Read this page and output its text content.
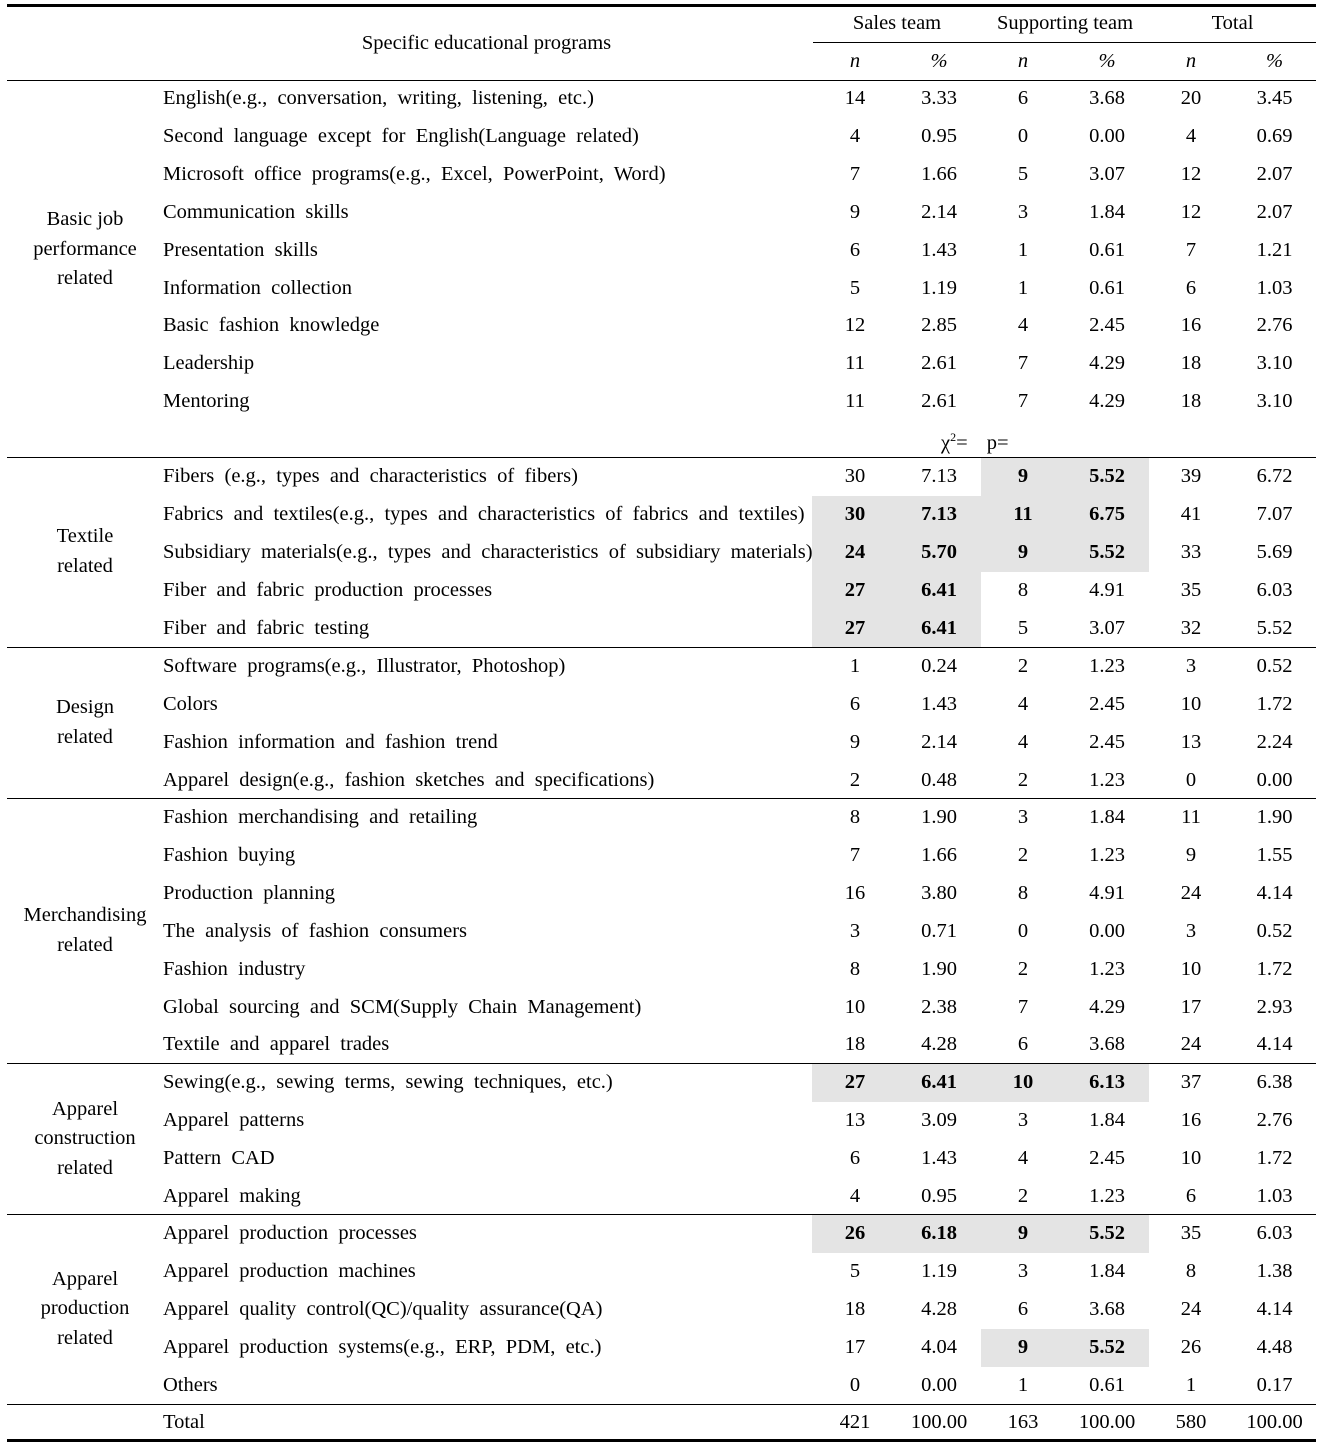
Specific educational programs
Sales team	Supporting team	Total
n	%	n	%	n	%
$\chi^2= p=$
Basic job
performance
related
English(e.g.,  conversation,  writing,  listening,  etc.)	14	3.33	6	3.68	20	3.45
Second  language  except  for  English(Language  related)	4	0.95	0	0.00	4	0.69
Microsoft  office  programs(e.g.,  Excel,  PowerPoint,  Word)	7	1.66	5	3.07	12	2.07
Communication  skills	9	2.14	3	1.84	12	2.07
Presentation  skills	6	1.43	1	0.61	7	1.21
Information  collection	5	1.19	1	0.61	6	1.03
Basic  fashion  knowledge	12	2.85	4	2.45	16	2.76
Leadership	11	2.61	7	4.29	18	3.10
Mentoring	11	2.61	7	4.29	18	3.10
Textile
related
Fibers  (e.g.,  types  and  characteristics  of  fibers)	30	7.13	9	5.52	39	6.72
Fabrics  and  textiles(e.g.,  types  and  characteristics  of  fabrics  and  textiles)	30	7.13	11	6.75	41	7.07
Subsidiary  materials(e.g.,  types  and  characteristics  of  subsidiary  materials)	24	5.70	9	5.52	33	5.69
Fiber  and  fabric  production  processes	27	6.41	8	4.91	35	6.03
Fiber  and  fabric  testing	27	6.41	5	3.07	32	5.52
Design
related
Software  programs(e.g.,  Illustrator,  Photoshop)	1	0.24	2	1.23	3	0.52
Colors	6	1.43	4	2.45	10	1.72
Fashion  information  and  fashion  trend	9	2.14	4	2.45	13	2.24
Apparel  design(e.g.,  fashion  sketches  and  specifications)	2	0.48	2	1.23	0	0.00
Merchandising
related
Fashion  merchandising  and  retailing	8	1.90	3	1.84	11	1.90
Fashion  buying	7	1.66	2	1.23	9	1.55
Production  planning	16	3.80	8	4.91	24	4.14
The  analysis  of  fashion  consumers	3	0.71	0	0.00	3	0.52
Fashion  industry	8	1.90	2	1.23	10	1.72
Global  sourcing  and  SCM(Supply  Chain  Management)	10	2.38	7	4.29	17	2.93
Textile  and  apparel  trades	18	4.28	6	3.68	24	4.14
Apparel
construction
related
Sewing(e.g.,  sewing  terms,  sewing  techniques,  etc.)	27	6.41	10	6.13	37	6.38
Apparel  patterns	13	3.09	3	1.84	16	2.76
Pattern  CAD	6	1.43	4	2.45	10	1.72
Apparel  making	4	0.95	2	1.23	6	1.03
Apparel
production
related
Apparel  production  processes	26	6.18	9	5.52	35	6.03
Apparel  production  machines	5	1.19	3	1.84	8	1.38
Apparel  quality  control(QC)/quality  assurance(QA)	18	4.28	6	3.68	24	4.14
Apparel  production  systems(e.g.,  ERP,  PDM,  etc.)	17	4.04	9	5.52	26	4.48
Others	0	0.00	1	0.61	1	0.17
Total	421	100.00	163	100.00	580	100.00
